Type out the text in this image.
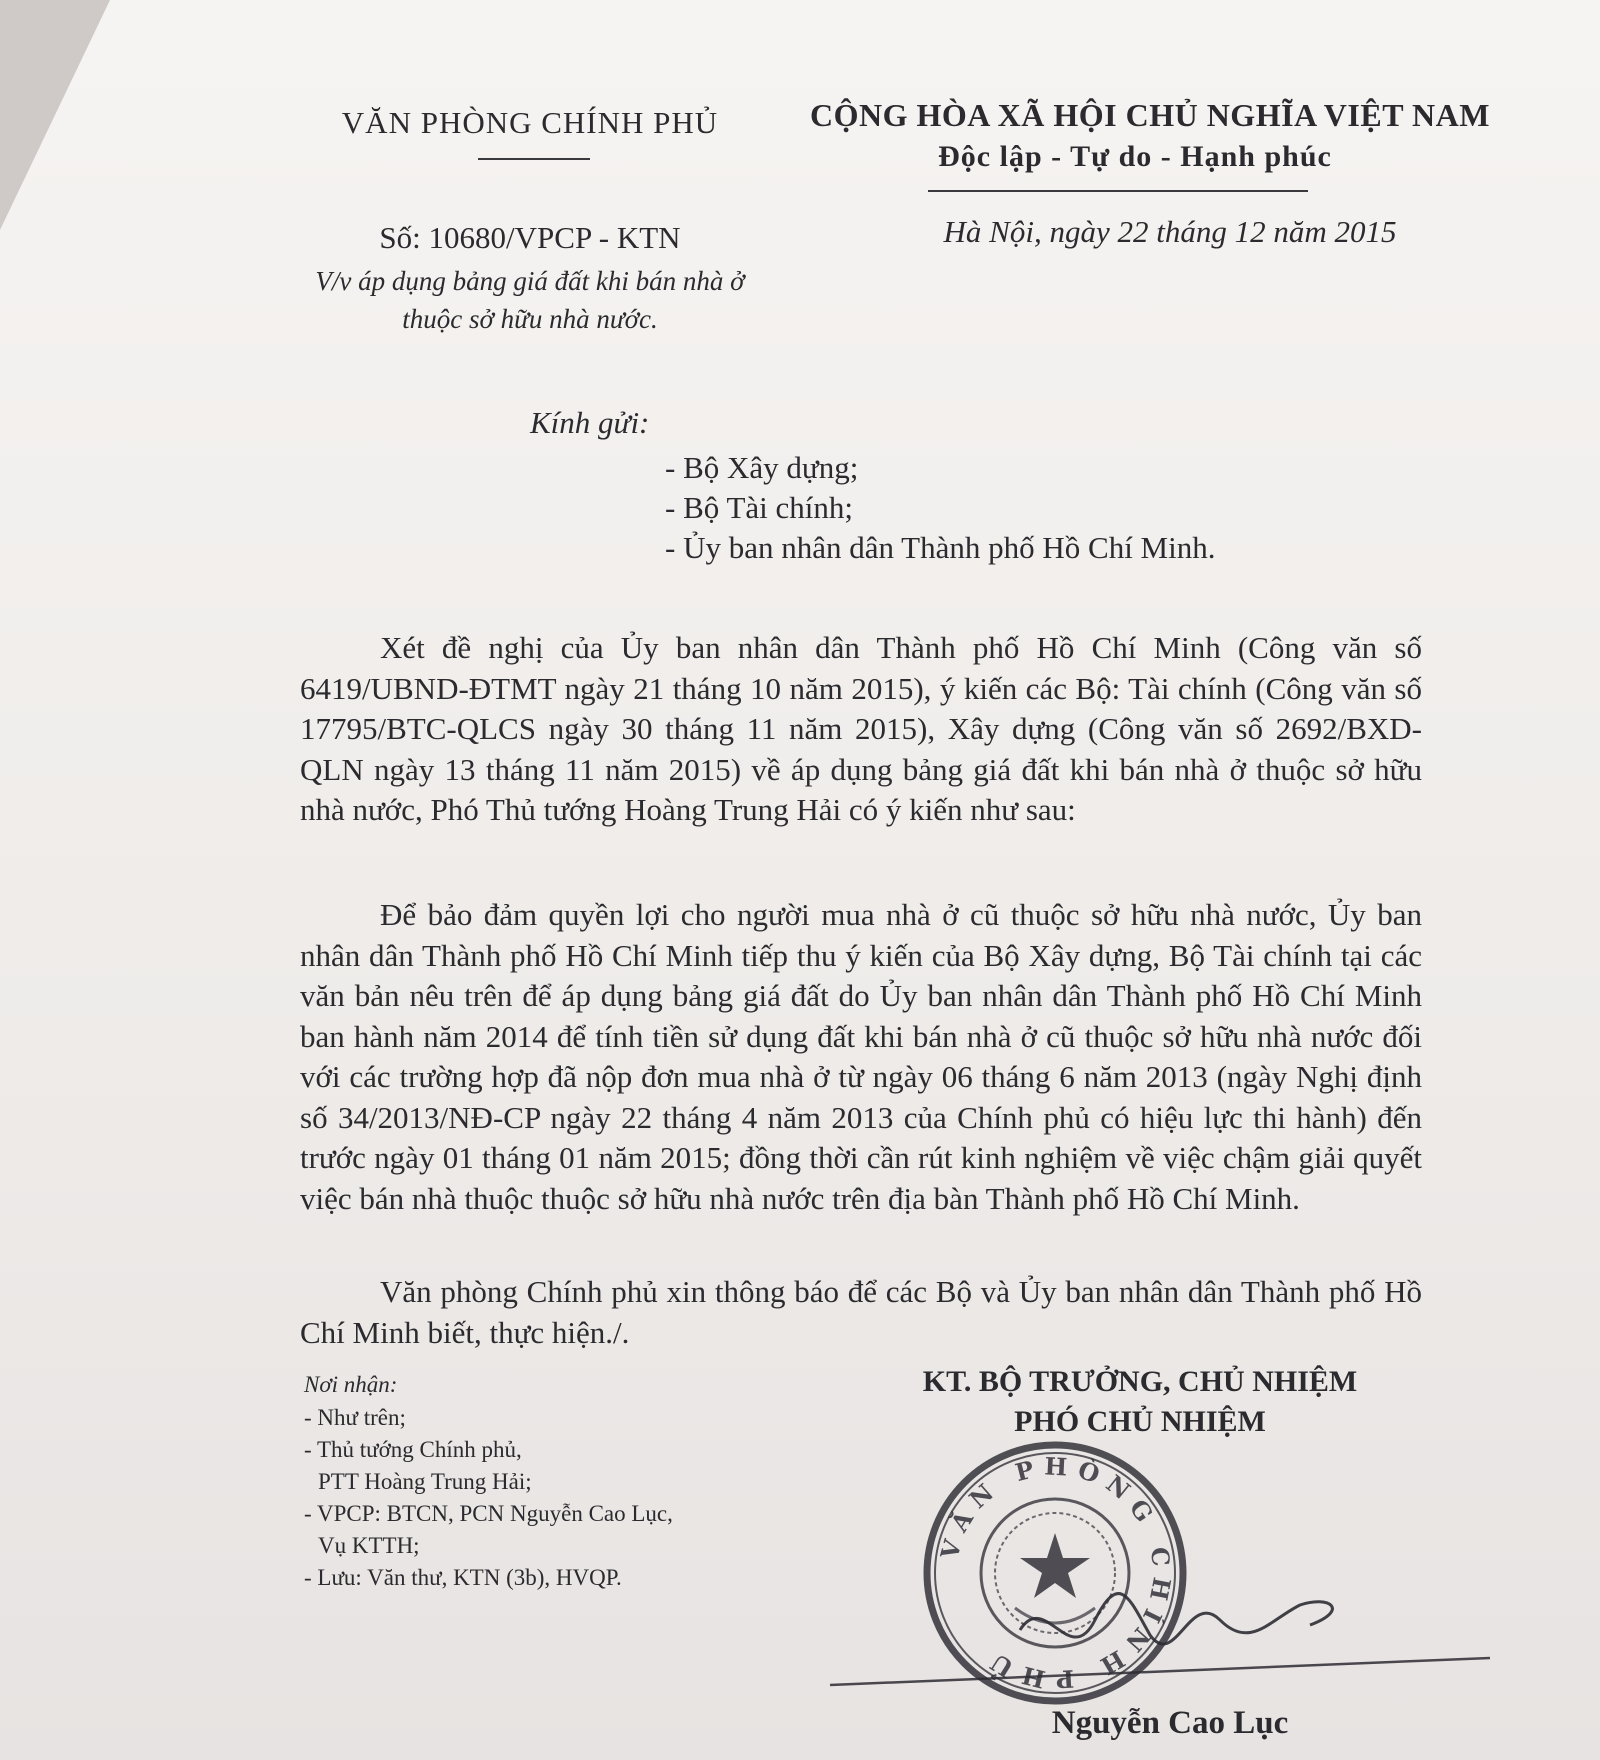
VĂN PHÒNG CHÍNH PHỦ	CỘNG HÒA XÃ HỘI CHỦ NGHĨA VIỆT NAM
Độc lập - Tự do - Hạnh phúc
Số: 10680/VPCP - KTN	Hà Nội, ngày 22 tháng 12 năm 2015
V/v áp dụng bảng giá đất khi bán nhà ở
thuộc sở hữu nhà nước.
Kính gửi:
- Bộ Xây dựng;
- Bộ Tài chính;
- Ủy ban nhân dân Thành phố Hồ Chí Minh.
Xét đề nghị của Ủy ban nhân dân Thành phố Hồ Chí Minh (Công văn số 6419/UBND-ĐTMT ngày 21 tháng 10 năm 2015), ý kiến các Bộ: Tài chính (Công văn số 17795/BTC-QLCS ngày 30 tháng 11 năm 2015), Xây dựng (Công văn số 2692/BXD-QLN ngày 13 tháng 11 năm 2015) về áp dụng bảng giá đất khi bán nhà ở thuộc sở hữu nhà nước, Phó Thủ tướng Hoàng Trung Hải có ý kiến như sau:
Để bảo đảm quyền lợi cho người mua nhà ở cũ thuộc sở hữu nhà nước, Ủy ban nhân dân Thành phố Hồ Chí Minh tiếp thu ý kiến của Bộ Xây dựng, Bộ Tài chính tại các văn bản nêu trên để áp dụng bảng giá đất do Ủy ban nhân dân Thành phố Hồ Chí Minh ban hành năm 2014 để tính tiền sử dụng đất khi bán nhà ở cũ thuộc sở hữu nhà nước đối với các trường hợp đã nộp đơn mua nhà ở từ ngày 06 tháng 6 năm 2013 (ngày Nghị định số 34/2013/NĐ-CP ngày 22 tháng 4 năm 2013 của Chính phủ có hiệu lực thi hành) đến trước ngày 01 tháng 01 năm 2015; đồng thời cần rút kinh nghiệm về việc chậm giải quyết việc bán nhà thuộc thuộc sở hữu nhà nước trên địa bàn Thành phố Hồ Chí Minh.
Văn phòng Chính phủ xin thông báo để các Bộ và Ủy ban nhân dân Thành phố Hồ Chí Minh biết, thực hiện./.
Nơi nhận:
- Như trên;
- Thủ tướng Chính phủ,
PTT Hoàng Trung Hải;
- VPCP: BTCN, PCN Nguyễn Cao Lục,
Vụ KTTH;
- Lưu: Văn thư, KTN (3b), HVQP.
KT. BỘ TRƯỞNG, CHỦ NHIỆM
PHÓ CHỦ NHIỆM
VĂN PHÒNG CHÍNH PHỦ
Nguyễn Cao Lục
